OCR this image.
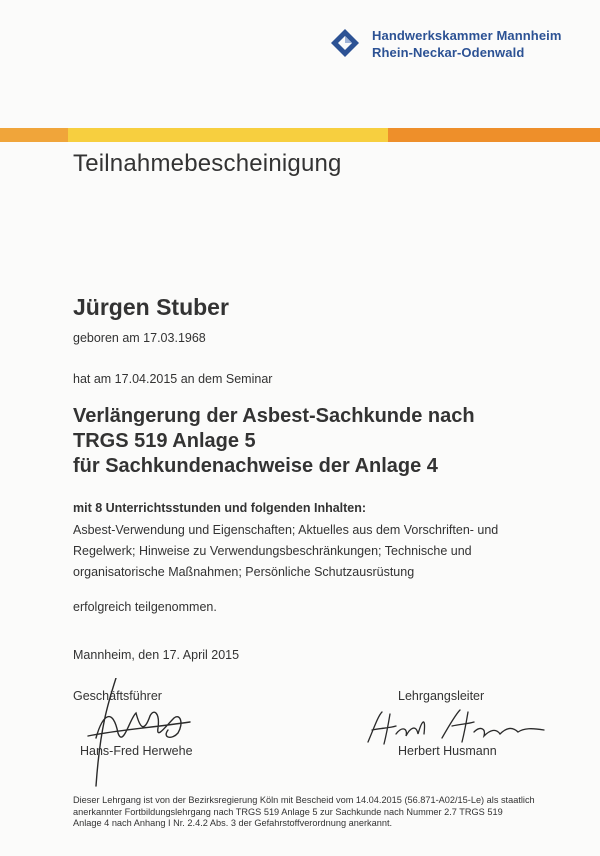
Handwerkskammer Mannheim
Rhein-Neckar-Odenwald
Teilnahmebescheinigung
Jürgen Stuber
geboren am 17.03.1968
hat am 17.04.2015 an dem Seminar
Verlängerung der Asbest-Sachkunde nach
TRGS 519 Anlage 5
für Sachkundenachweise der Anlage 4
mit 8 Unterrichtsstunden und folgenden Inhalten:
Asbest-Verwendung und Eigenschaften; Aktuelles aus dem Vorschriften- und
Regelwerk; Hinweise zu Verwendungsbeschränkungen; Technische und
organisatorische Maßnahmen; Persönliche Schutzausrüstung
erfolgreich teilgenommen.
Mannheim, den 17. April 2015
Geschäftsführer	Lehrgangsleiter
Hans-Fred Herwehe	Herbert Husmann
Dieser Lehrgang ist von der Bezirksregierung Köln mit Bescheid vom 14.04.2015 (56.871-A02/15-Le) als staatlich
anerkannter Fortbildungslehrgang nach TRGS 519 Anlage 5 zur Sachkunde nach Nummer 2.7 TRGS 519
Anlage 4 nach Anhang I Nr. 2.4.2 Abs. 3 der Gefahrstoffverordnung anerkannt.
